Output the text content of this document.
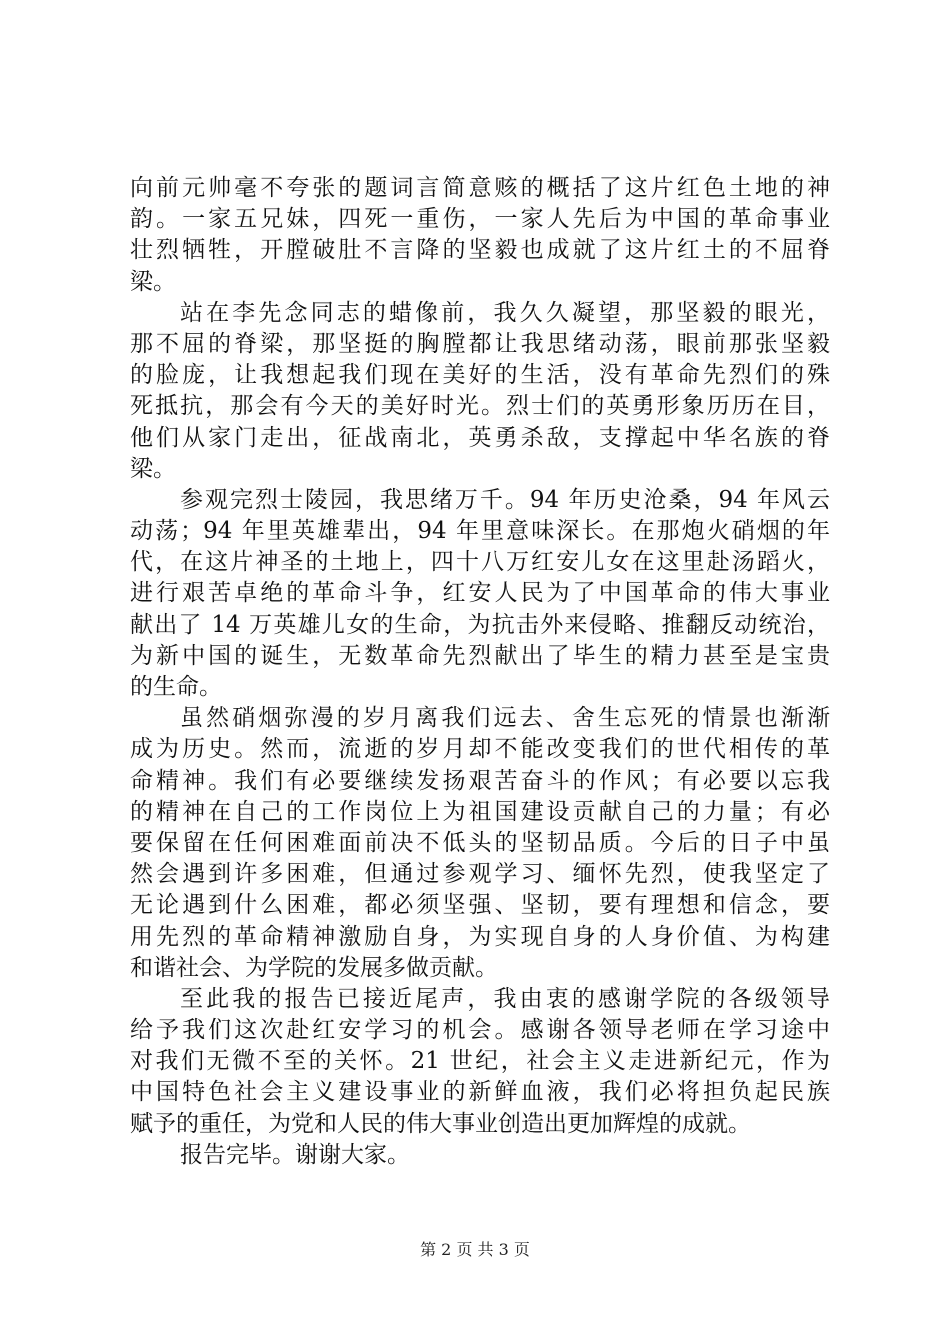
向前元帅毫不夸张的题词言简意赅的概括了这片红色土地的神
韵。一家五兄妹，四死一重伤，一家人先后为中国的革命事业
壮烈牺牲，开膛破肚不言降的坚毅也成就了这片红土的不屈脊
梁。
站在李先念同志的蜡像前，我久久凝望，那坚毅的眼光，
那不屈的脊梁，那坚挺的胸膛都让我思绪动荡，眼前那张坚毅
的脸庞，让我想起我们现在美好的生活，没有革命先烈们的殊
死抵抗，那会有今天的美好时光。烈士们的英勇形象历历在目，
他们从家门走出，征战南北，英勇杀敌，支撑起中华名族的脊
梁。
参观完烈士陵园，我思绪万千。94 年历史沧桑，94 年风云
动荡；94 年里英雄辈出，94 年里意味深长。在那炮火硝烟的年
代，在这片神圣的土地上，四十八万红安儿女在这里赴汤蹈火，
进行艰苦卓绝的革命斗争，红安人民为了中国革命的伟大事业
献出了 14 万英雄儿女的生命，为抗击外来侵略、推翻反动统治，
为新中国的诞生，无数革命先烈献出了毕生的精力甚至是宝贵
的生命。
虽然硝烟弥漫的岁月离我们远去、舍生忘死的情景也渐渐
成为历史。然而，流逝的岁月却不能改变我们的世代相传的革
命精神。我们有必要继续发扬艰苦奋斗的作风；有必要以忘我
的精神在自己的工作岗位上为祖国建设贡献自己的力量；有必
要保留在任何困难面前决不低头的坚韧品质。今后的日子中虽
然会遇到许多困难，但通过参观学习、缅怀先烈，使我坚定了
无论遇到什么困难，都必须坚强、坚韧，要有理想和信念，要
用先烈的革命精神激励自身，为实现自身的人身价值、为构建
和谐社会、为学院的发展多做贡献。
至此我的报告已接近尾声，我由衷的感谢学院的各级领导
给予我们这次赴红安学习的机会。感谢各领导老师在学习途中
对我们无微不至的关怀。21 世纪，社会主义走进新纪元，作为
中国特色社会主义建设事业的新鲜血液，我们必将担负起民族
赋予的重任，为党和人民的伟大事业创造出更加辉煌的成就。
报告完毕。谢谢大家。
第 2 页 共 3 页
